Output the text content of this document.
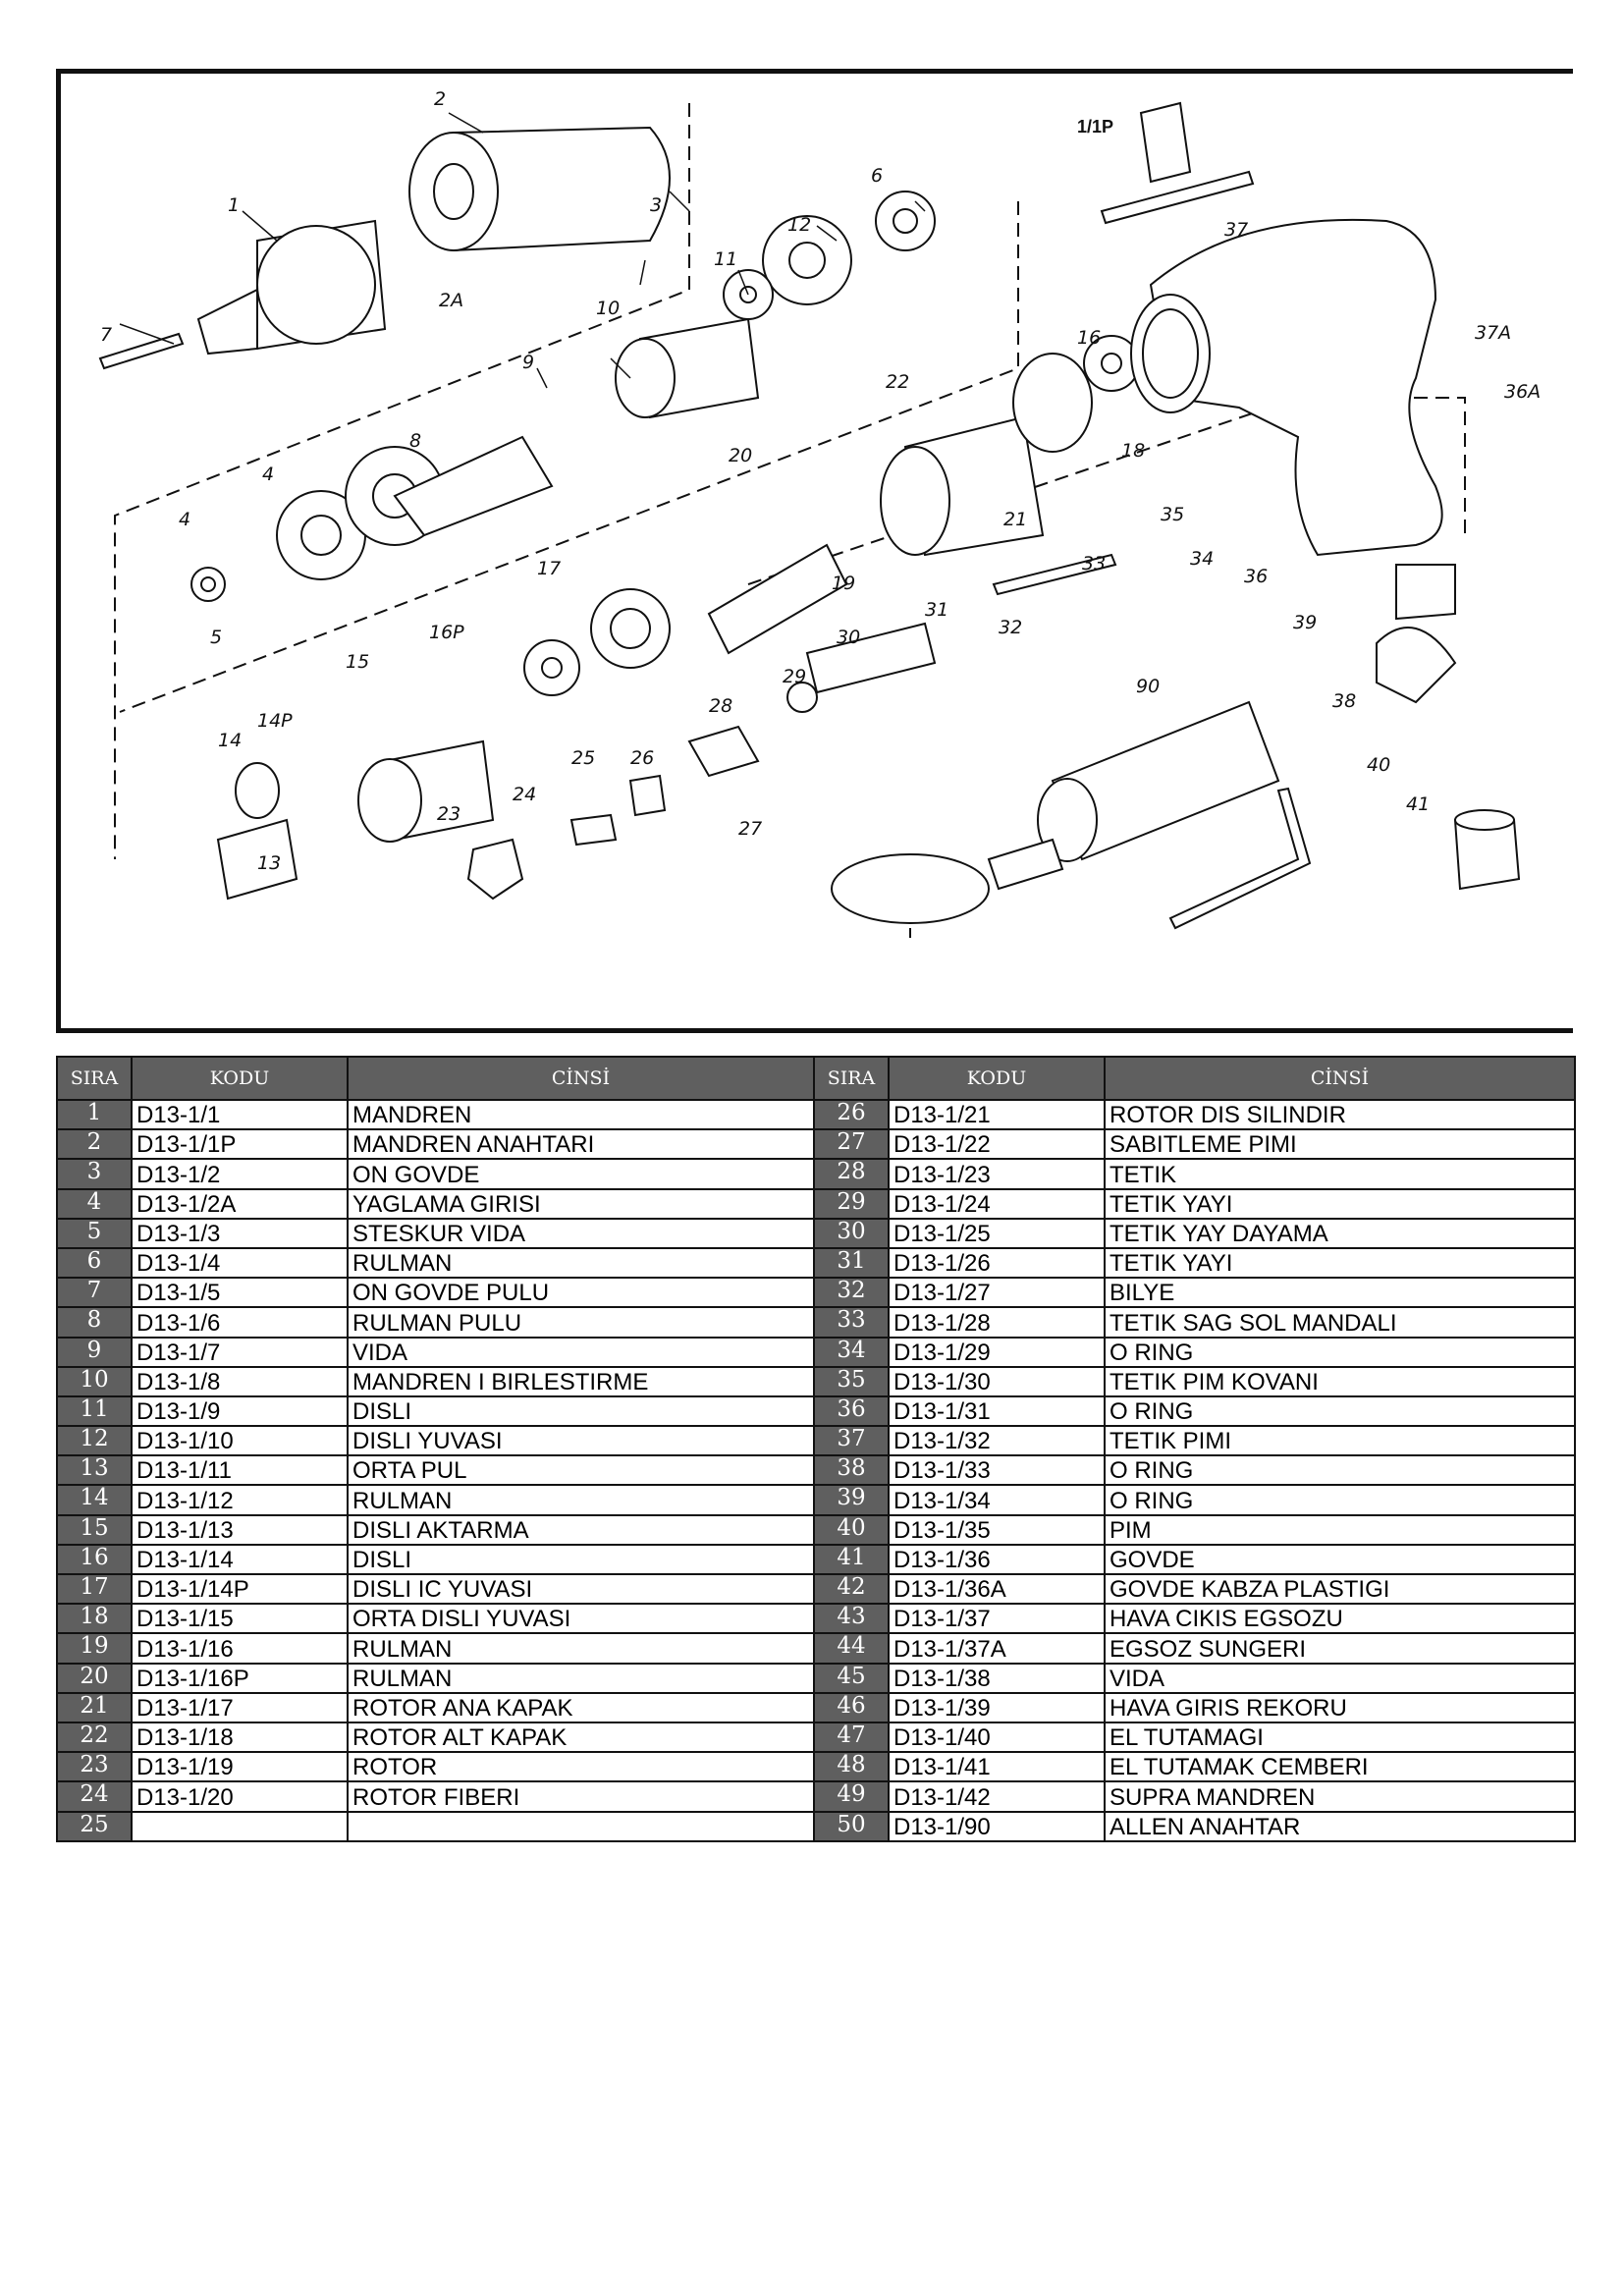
2
1
2A
3
4
4
5
6
7
8
9
10
11
12
13
14
14P
15
16
16P
17
18
19
20
21
22
23
24
25 26
27
28
29
30
31
32
33	34
35
36
36A
37
37A
38
39
40
41
90
1/1P
SIRA	KODU	CİNSİ	SIRA	KODU	CİNSİ
1	D13-1/1	MANDREN	26	D13-1/21	ROTOR DIS SILINDIR
2	D13-1/1P	MANDREN ANAHTARI	27	D13-1/22	SABITLEME PIMI
3	D13-1/2	ON GOVDE	28	D13-1/23	TETIK
4	D13-1/2A	YAGLAMA GIRISI	29	D13-1/24	TETIK YAYI
5	D13-1/3	STESKUR VIDA	30	D13-1/25	TETIK YAY DAYAMA
6	D13-1/4	RULMAN	31	D13-1/26	TETIK YAYI
7	D13-1/5	ON GOVDE PULU	32	D13-1/27	BILYE
8	D13-1/6	RULMAN PULU	33	D13-1/28	TETIK SAG SOL MANDALI
9	D13-1/7	VIDA	34	D13-1/29	O RING
10	D13-1/8	MANDREN I BIRLESTIRME	35	D13-1/30	TETIK PIM KOVANI
11	D13-1/9	DISLI	36	D13-1/31	O RING
12	D13-1/10	DISLI YUVASI	37	D13-1/32	TETIK PIMI
13	D13-1/11	ORTA PUL	38	D13-1/33	O RING
14	D13-1/12	RULMAN	39	D13-1/34	O RING
15	D13-1/13	DISLI AKTARMA	40	D13-1/35	PIM
16	D13-1/14	DISLI	41	D13-1/36	GOVDE
17	D13-1/14P	DISLI IC YUVASI	42	D13-1/36A	GOVDE KABZA PLASTIGI
18	D13-1/15	ORTA DISLI YUVASI	43	D13-1/37	HAVA CIKIS EGSOZU
19	D13-1/16	RULMAN	44	D13-1/37A	EGSOZ SUNGERI
20	D13-1/16P	RULMAN	45	D13-1/38	VIDA
21	D13-1/17	ROTOR ANA KAPAK	46	D13-1/39	HAVA GIRIS REKORU
22	D13-1/18	ROTOR ALT KAPAK	47	D13-1/40	EL TUTAMAGI
23	D13-1/19	ROTOR	48	D13-1/41	EL TUTAMAK CEMBERI
24	D13-1/20	ROTOR FIBERI	49	D13-1/42	SUPRA MANDREN
25			50	D13-1/90	ALLEN ANAHTAR
